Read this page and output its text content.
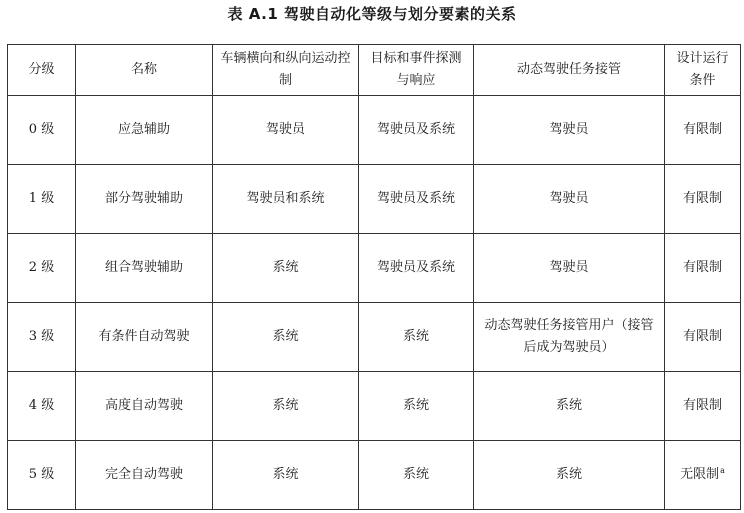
表 A.1 驾驶自动化等级与划分要素的关系
分级	名称	车辆横向和纵向运动控制	目标和事件探测与响应	动态驾驶任务接管	设计运行条件
0 级	应急辅助	驾驶员	驾驶员及系统	驾驶员	有限制
1 级	部分驾驶辅助	驾驶员和系统	驾驶员及系统	驾驶员	有限制
2 级	组合驾驶辅助	系统	驾驶员及系统	驾驶员	有限制
3 级	有条件自动驾驶	系统	系统	动态驾驶任务接管用户（接管后成为驾驶员）	有限制
4 级	高度自动驾驶	系统	系统	系统	有限制
5 级	完全自动驾驶	系统	系统	系统	无限制$^a$
